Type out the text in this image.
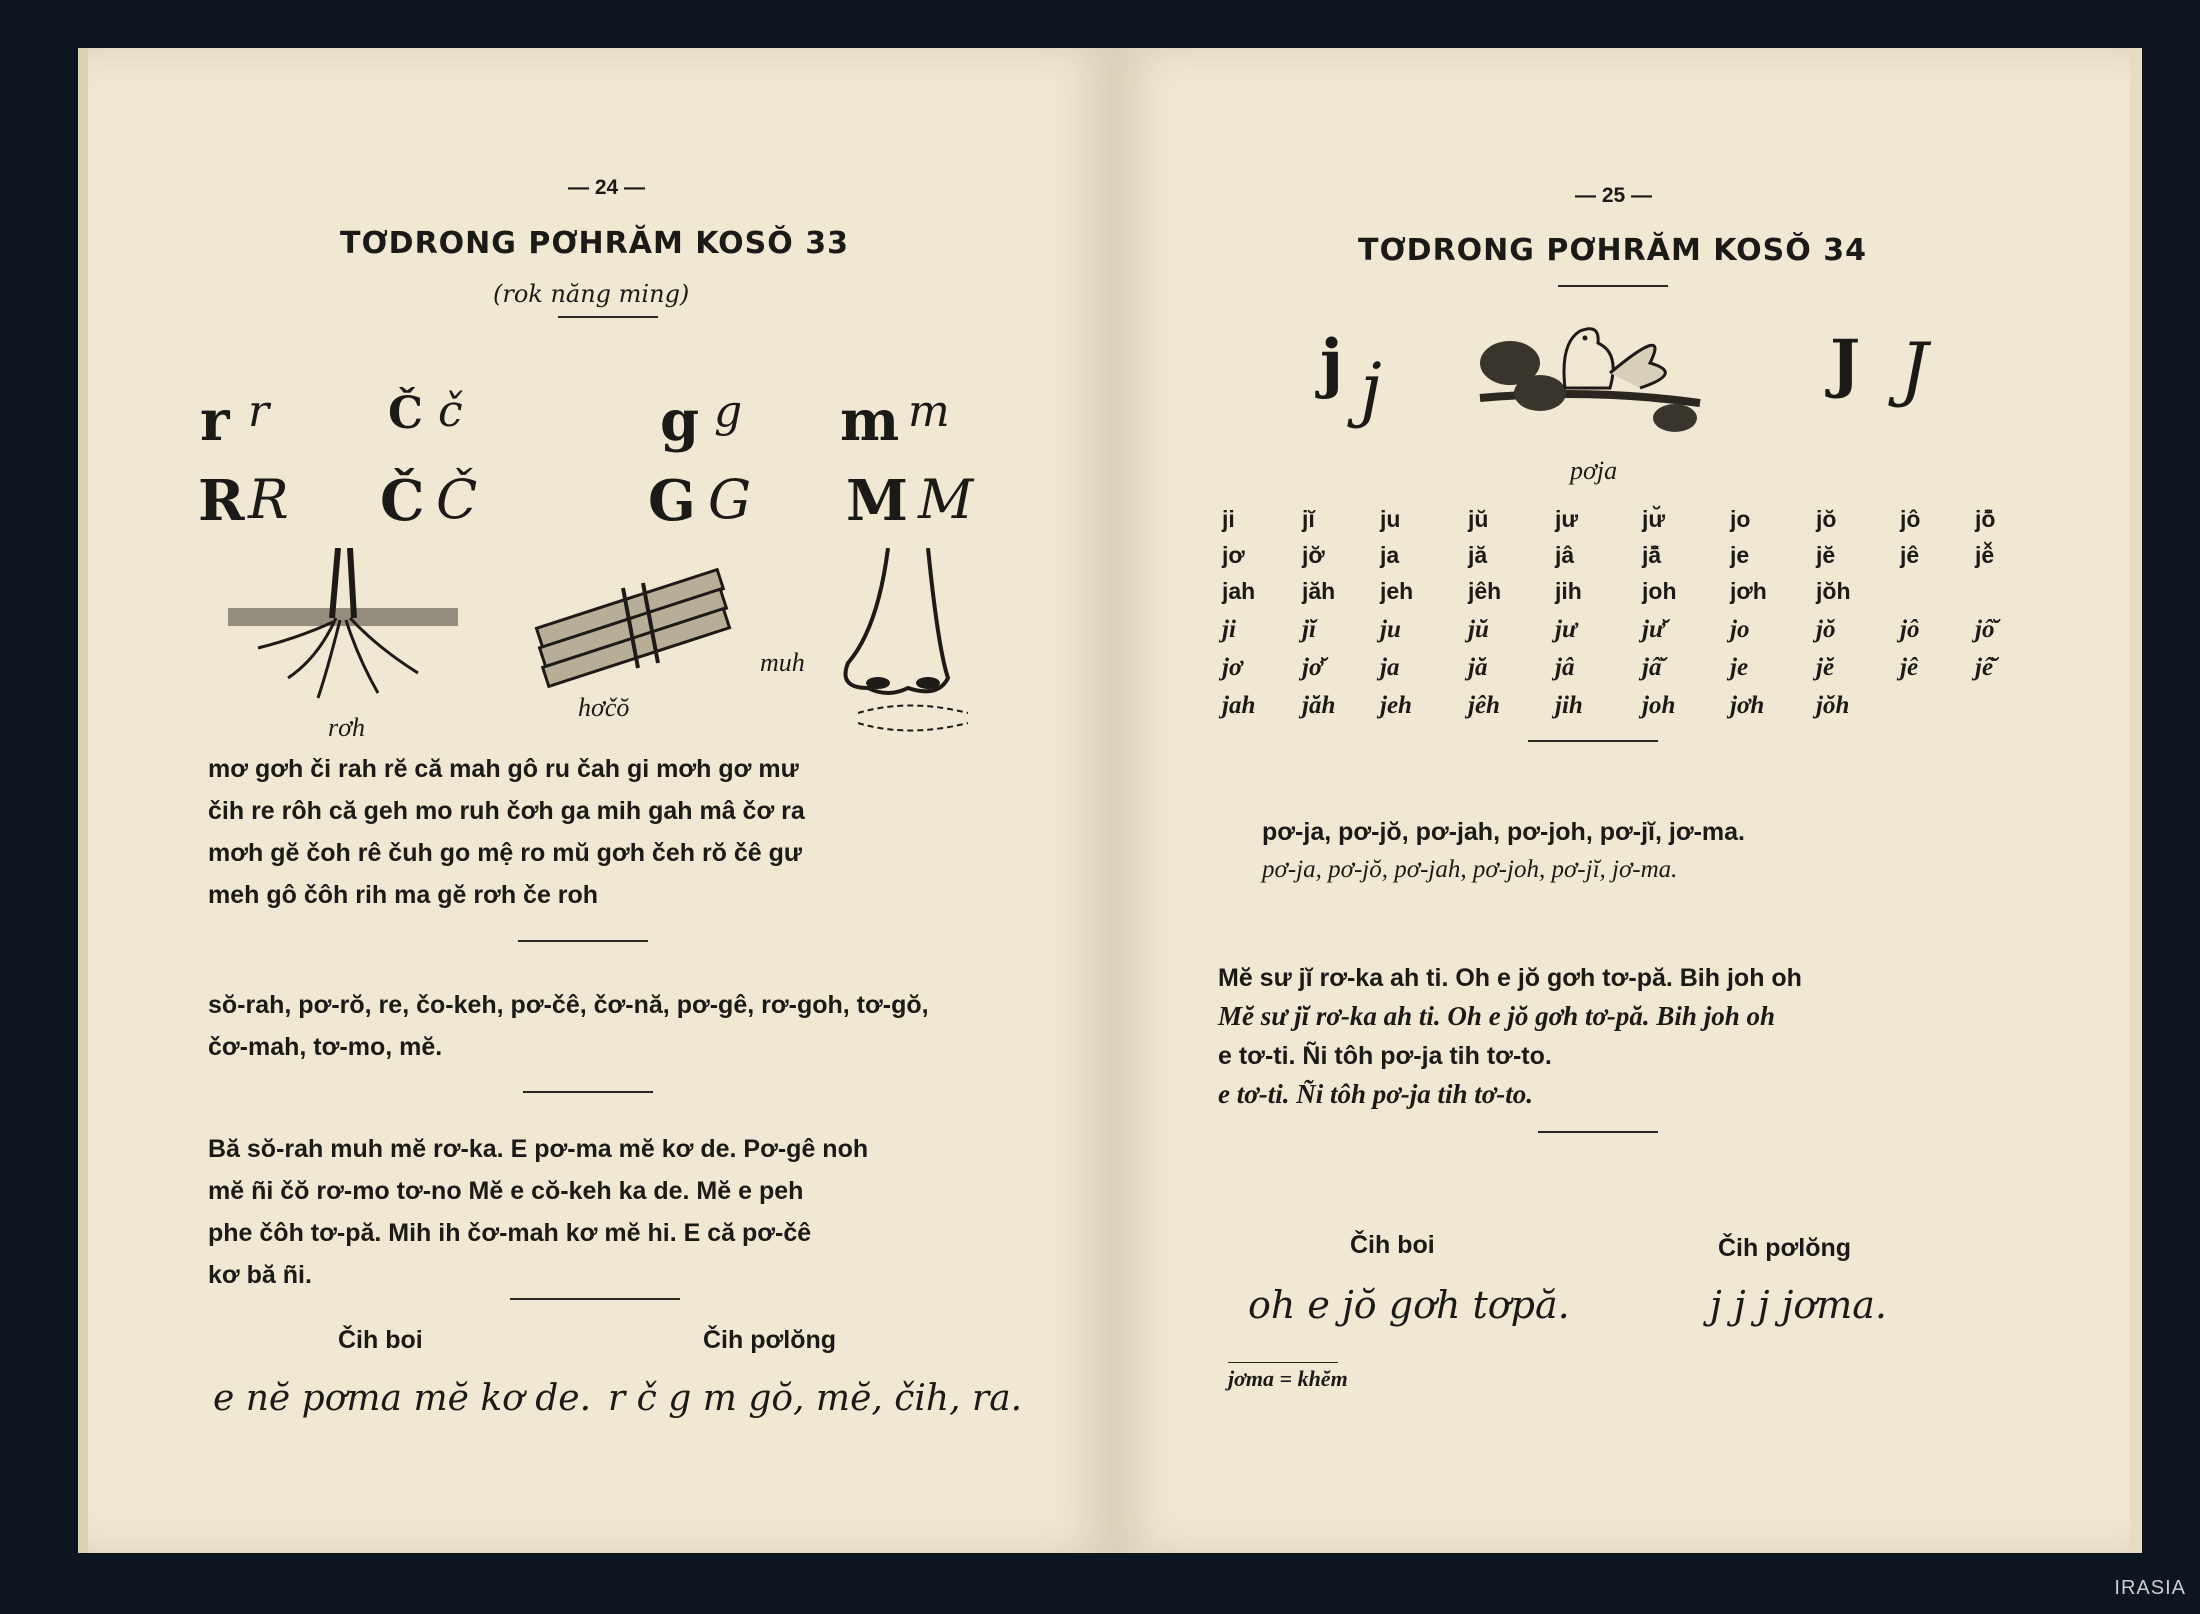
— 24 —
TƠDRONG PƠHRĂM KOSŎ 33
(rok năng ming)
r r	Č č	g g m m
R R Č Č	G G M M
rơh
hơčŏ
muh
mơ gơh či rah rĕ că mah gô ru čah gi mơh gơ mư
čih re rôh că geh mo ruh čơh ga mih gah mâ čơ ra
mơh gĕ čoh rê čuh go mệ ro mŭ gơh čeh rŏ čê gư
meh gô čôh rih ma gĕ rơh če roh
sŏ-rah, pơ-rŏ, re, čo-keh, pơ-čê, čơ-nă, pơ-gê, rơ-goh, tơ-gŏ,
čơ-mah, tơ-mo, mĕ.
Bă sŏ-rah muh mĕ rơ-ka. E pơ-ma mĕ kơ de. Pơ-gê noh
mĕ ñi čŏ rơ-mo tơ-no Mĕ e cŏ-keh ka de. Mĕ e peh
phe čôh tơ-pă. Mih ih čơ-mah kơ mĕ hi. E că pơ-čê
kơ bă ñi.
Čih boi	Čih pơlŏng
e nĕ pơma mĕ kơ de. r č g m gŏ, mĕ, čih, ra.
— 25 —
TƠDRONG PƠHRĂM KOSŎ 34
j j	J J
pơja
ji	jĭ	ju	jŭ	jư	jư̆	jo	jŏ	jô jô̆
jơ jơ̆ ja	jă	jâ	jâ̆	je	jĕ	jê jê̆
jah jăh jeh jêh jih	joh jơh jŏh
ji	jĭ	ju	jŭ	jư	jư̆	jo	jŏ	jô jô̆
jơ jơ̆ ja	jă	jâ	jâ̆	je	jĕ	jê jê̆
jah jăh jeh jêh jih joh jơh jŏh
pơ-ja, pơ-jŏ, pơ-jah, pơ-joh, pơ-jĭ, jơ-ma.
pơ-ja, pơ-jŏ, pơ-jah, pơ-joh, pơ-jĭ, jơ-ma.
Mĕ sư jĭ rơ-ka ah ti. Oh e jŏ gơh tơ-pă. Bih joh oh
Mĕ sư jĭ rơ-ka ah ti. Oh e jŏ gơh tơ-pă. Bih joh oh
e tơ-ti. Ñi tôh pơ-ja tih tơ-to.
e tơ-ti. Ñi tôh pơ-ja tih tơ-to.
Čih boi	Čih pơlŏng
oh e jŏ gơh tơpă.	j j j jơma.
jơma = khĕm
IRASIA
